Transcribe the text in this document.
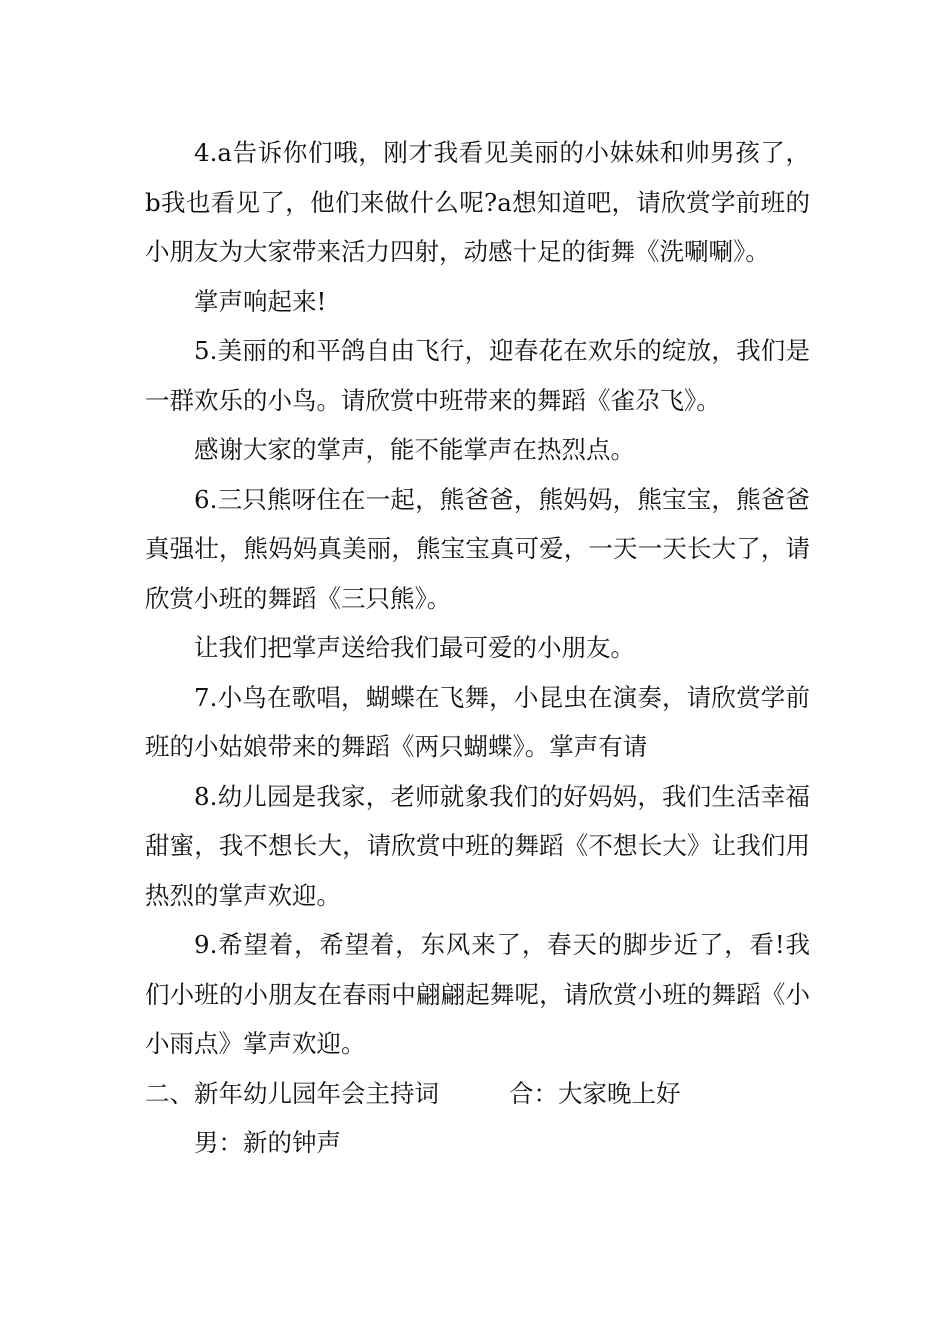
4.a告诉你们哦，刚才我看见美丽的小妹妹和帅男孩了，b我也看见了，他们来做什么呢?a想知道吧，请欣赏学前班的小朋友为大家带来活力四射，动感十足的街舞《洗唰唰》。

掌声响起来!

5.美丽的和平鸽自由飞行，迎春花在欢乐的绽放，我们是一群欢乐的小鸟。请欣赏中班带来的舞蹈《雀尕飞》。

感谢大家的掌声，能不能掌声在热烈点。

6.三只熊呀住在一起，熊爸爸，熊妈妈，熊宝宝，熊爸爸真强壮，熊妈妈真美丽，熊宝宝真可爱，一天一天长大了，请欣赏小班的舞蹈《三只熊》。

让我们把掌声送给我们最可爱的小朋友。

7.小鸟在歌唱，蝴蝶在飞舞，小昆虫在演奏，请欣赏学前班的小姑娘带来的舞蹈《两只蝴蝶》。掌声有请

8.幼儿园是我家，老师就象我们的好妈妈，我们生活幸福甜蜜，我不想长大，请欣赏中班的舞蹈《不想长大》让我们用热烈的掌声欢迎。

9.希望着，希望着，东风来了，春天的脚步近了，看!我们小班的小朋友在春雨中翩翩起舞呢，请欣赏小班的舞蹈《小小雨点》掌声欢迎。

二、新年幼儿园年会主持词	合：大家晚上好

男：新的钟声
